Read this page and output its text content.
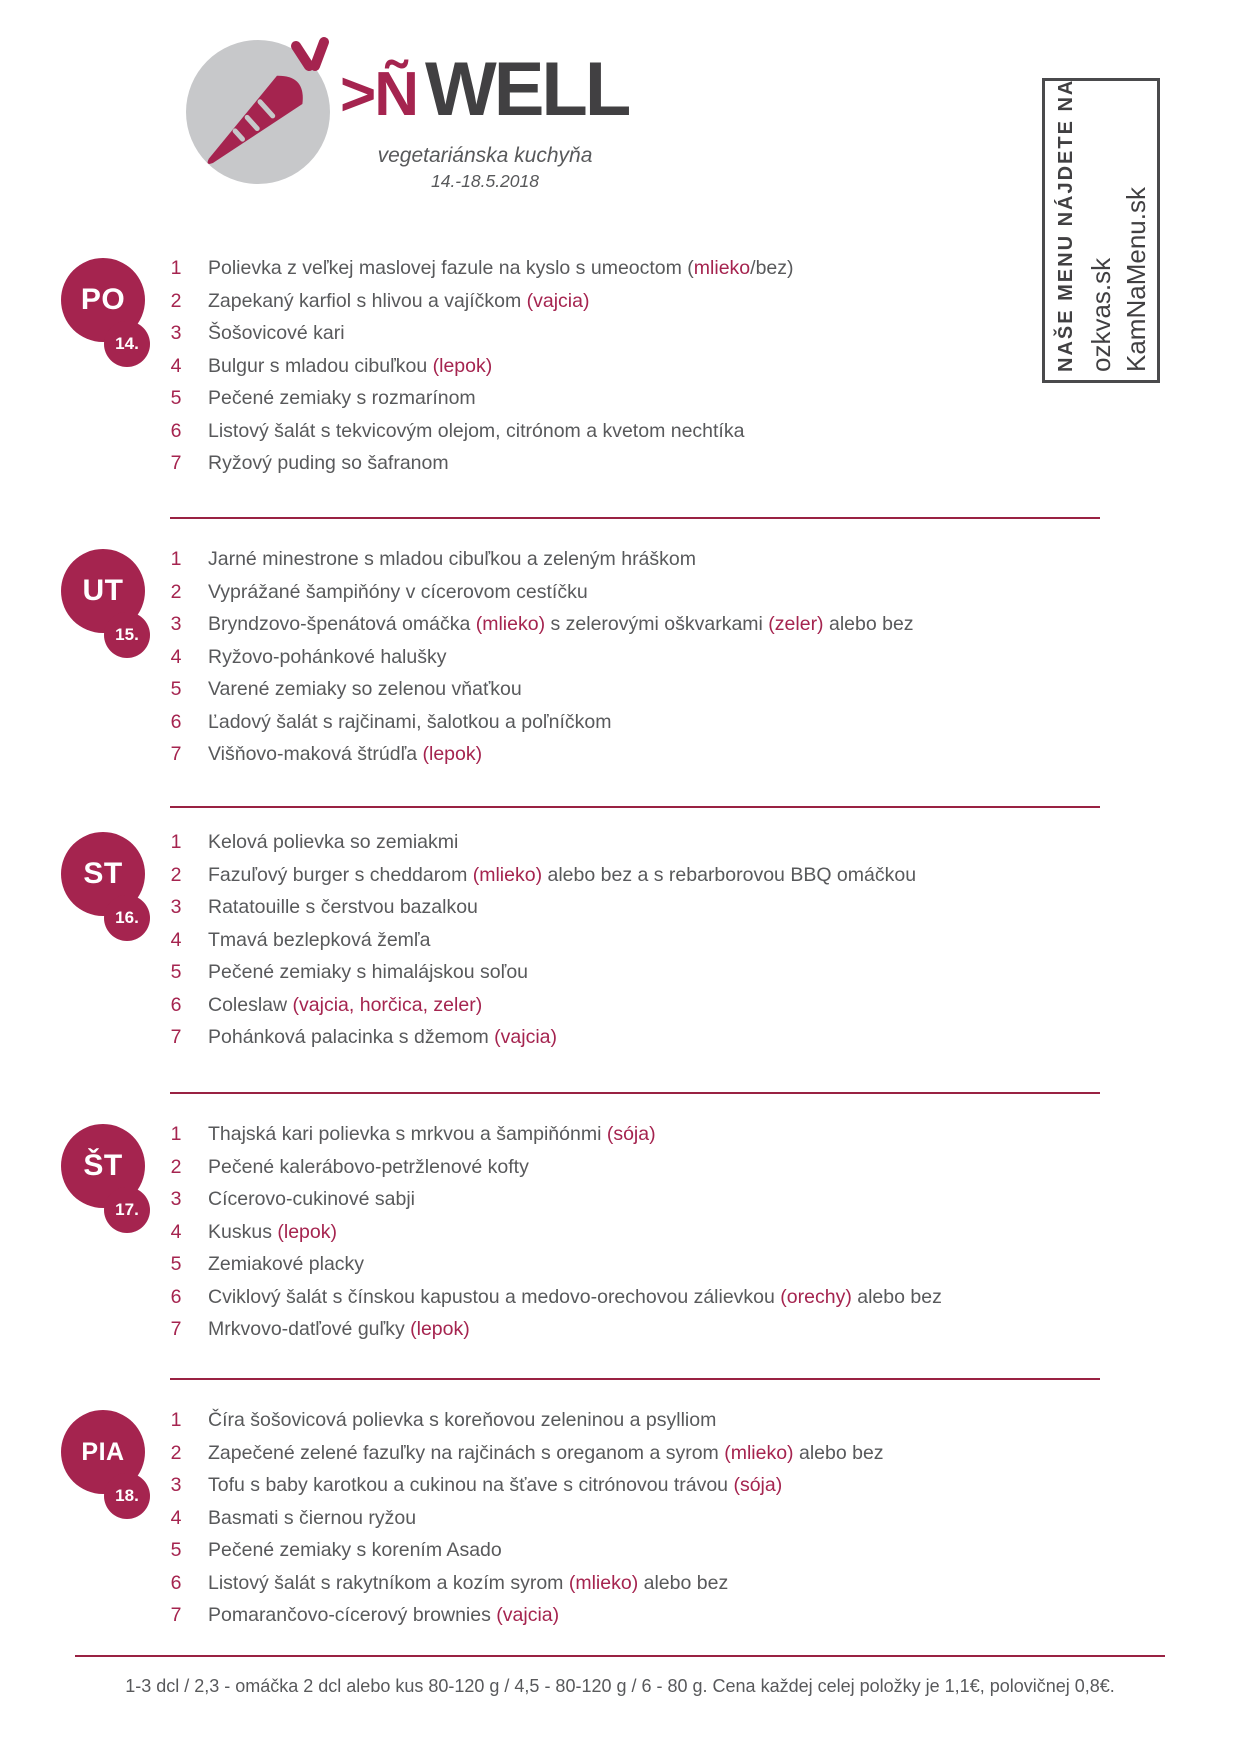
>Ñ WELL
vegetariánska kuchyňa
14.-18.5.2018	NAŠE MENU NÁJDETE NA ozkvas.sk KamNaMenu.sk
PO
14.
1	Polievka z veľkej maslovej fazule na kyslo s umeoctom (mlieko/bez)
2	Zapekaný karfiol s hlivou a vajíčkom (vajcia)
3	Šošovicové kari
4	Bulgur s mladou cibuľkou (lepok)
5	Pečené zemiaky s rozmarínom
6	Listový šalát s tekvicovým olejom, citrónom a kvetom nechtíka
7	Ryžový puding so šafranom
UT
15.
1	Jarné minestrone s mladou cibuľkou a zeleným hráškom
2	Vyprážané šampiňóny v cícerovom cestíčku
3	Bryndzovo-špenátová omáčka (mlieko) s zelerovými oškvarkami (zeler) alebo bez
4	Ryžovo-pohánkové halušky
5	Varené zemiaky so zelenou vňaťkou
6	Ľadový šalát s rajčinami, šalotkou a poľníčkom
7	Višňovo-maková štrúdľa (lepok)
ST
16.
1	Kelová polievka so zemiakmi
2	Fazuľový burger s cheddarom (mlieko) alebo bez a s rebarborovou BBQ omáčkou
3	Ratatouille s čerstvou bazalkou
4	Tmavá bezlepková žemľa
5	Pečené zemiaky s himalájskou soľou
6	Coleslaw (vajcia, horčica, zeler)
7	Pohánková palacinka s džemom (vajcia)
ŠT
17.
1	Thajská kari polievka s mrkvou a šampiňónmi (sója)
2	Pečené kalerábovo-petržlenové kofty
3	Cícerovo-cukinové sabji
4	Kuskus (lepok)
5	Zemiakové placky
6	Cviklový šalát s čínskou kapustou a medovo-orechovou zálievkou (orechy) alebo bez
7	Mrkvovo-datľové guľky (lepok)
PIA
18.
1	Číra šošovicová polievka s koreňovou zeleninou a psylliom
2	Zapečené zelené fazuľky na rajčinách s oreganom a syrom (mlieko) alebo bez
3	Tofu s baby karotkou a cukinou na šťave s citrónovou trávou (sója)
4	Basmati s čiernou ryžou
5	Pečené zemiaky s korením Asado
6	Listový šalát s rakytníkom a kozím syrom (mlieko) alebo bez
7	Pomarančovo-cícerový brownies (vajcia)
1-3 dcl / 2,3 - omáčka 2 dcl alebo kus 80-120 g / 4,5 - 80-120 g / 6 - 80 g. Cena každej celej položky je 1,1€, polovičnej 0,8€.
